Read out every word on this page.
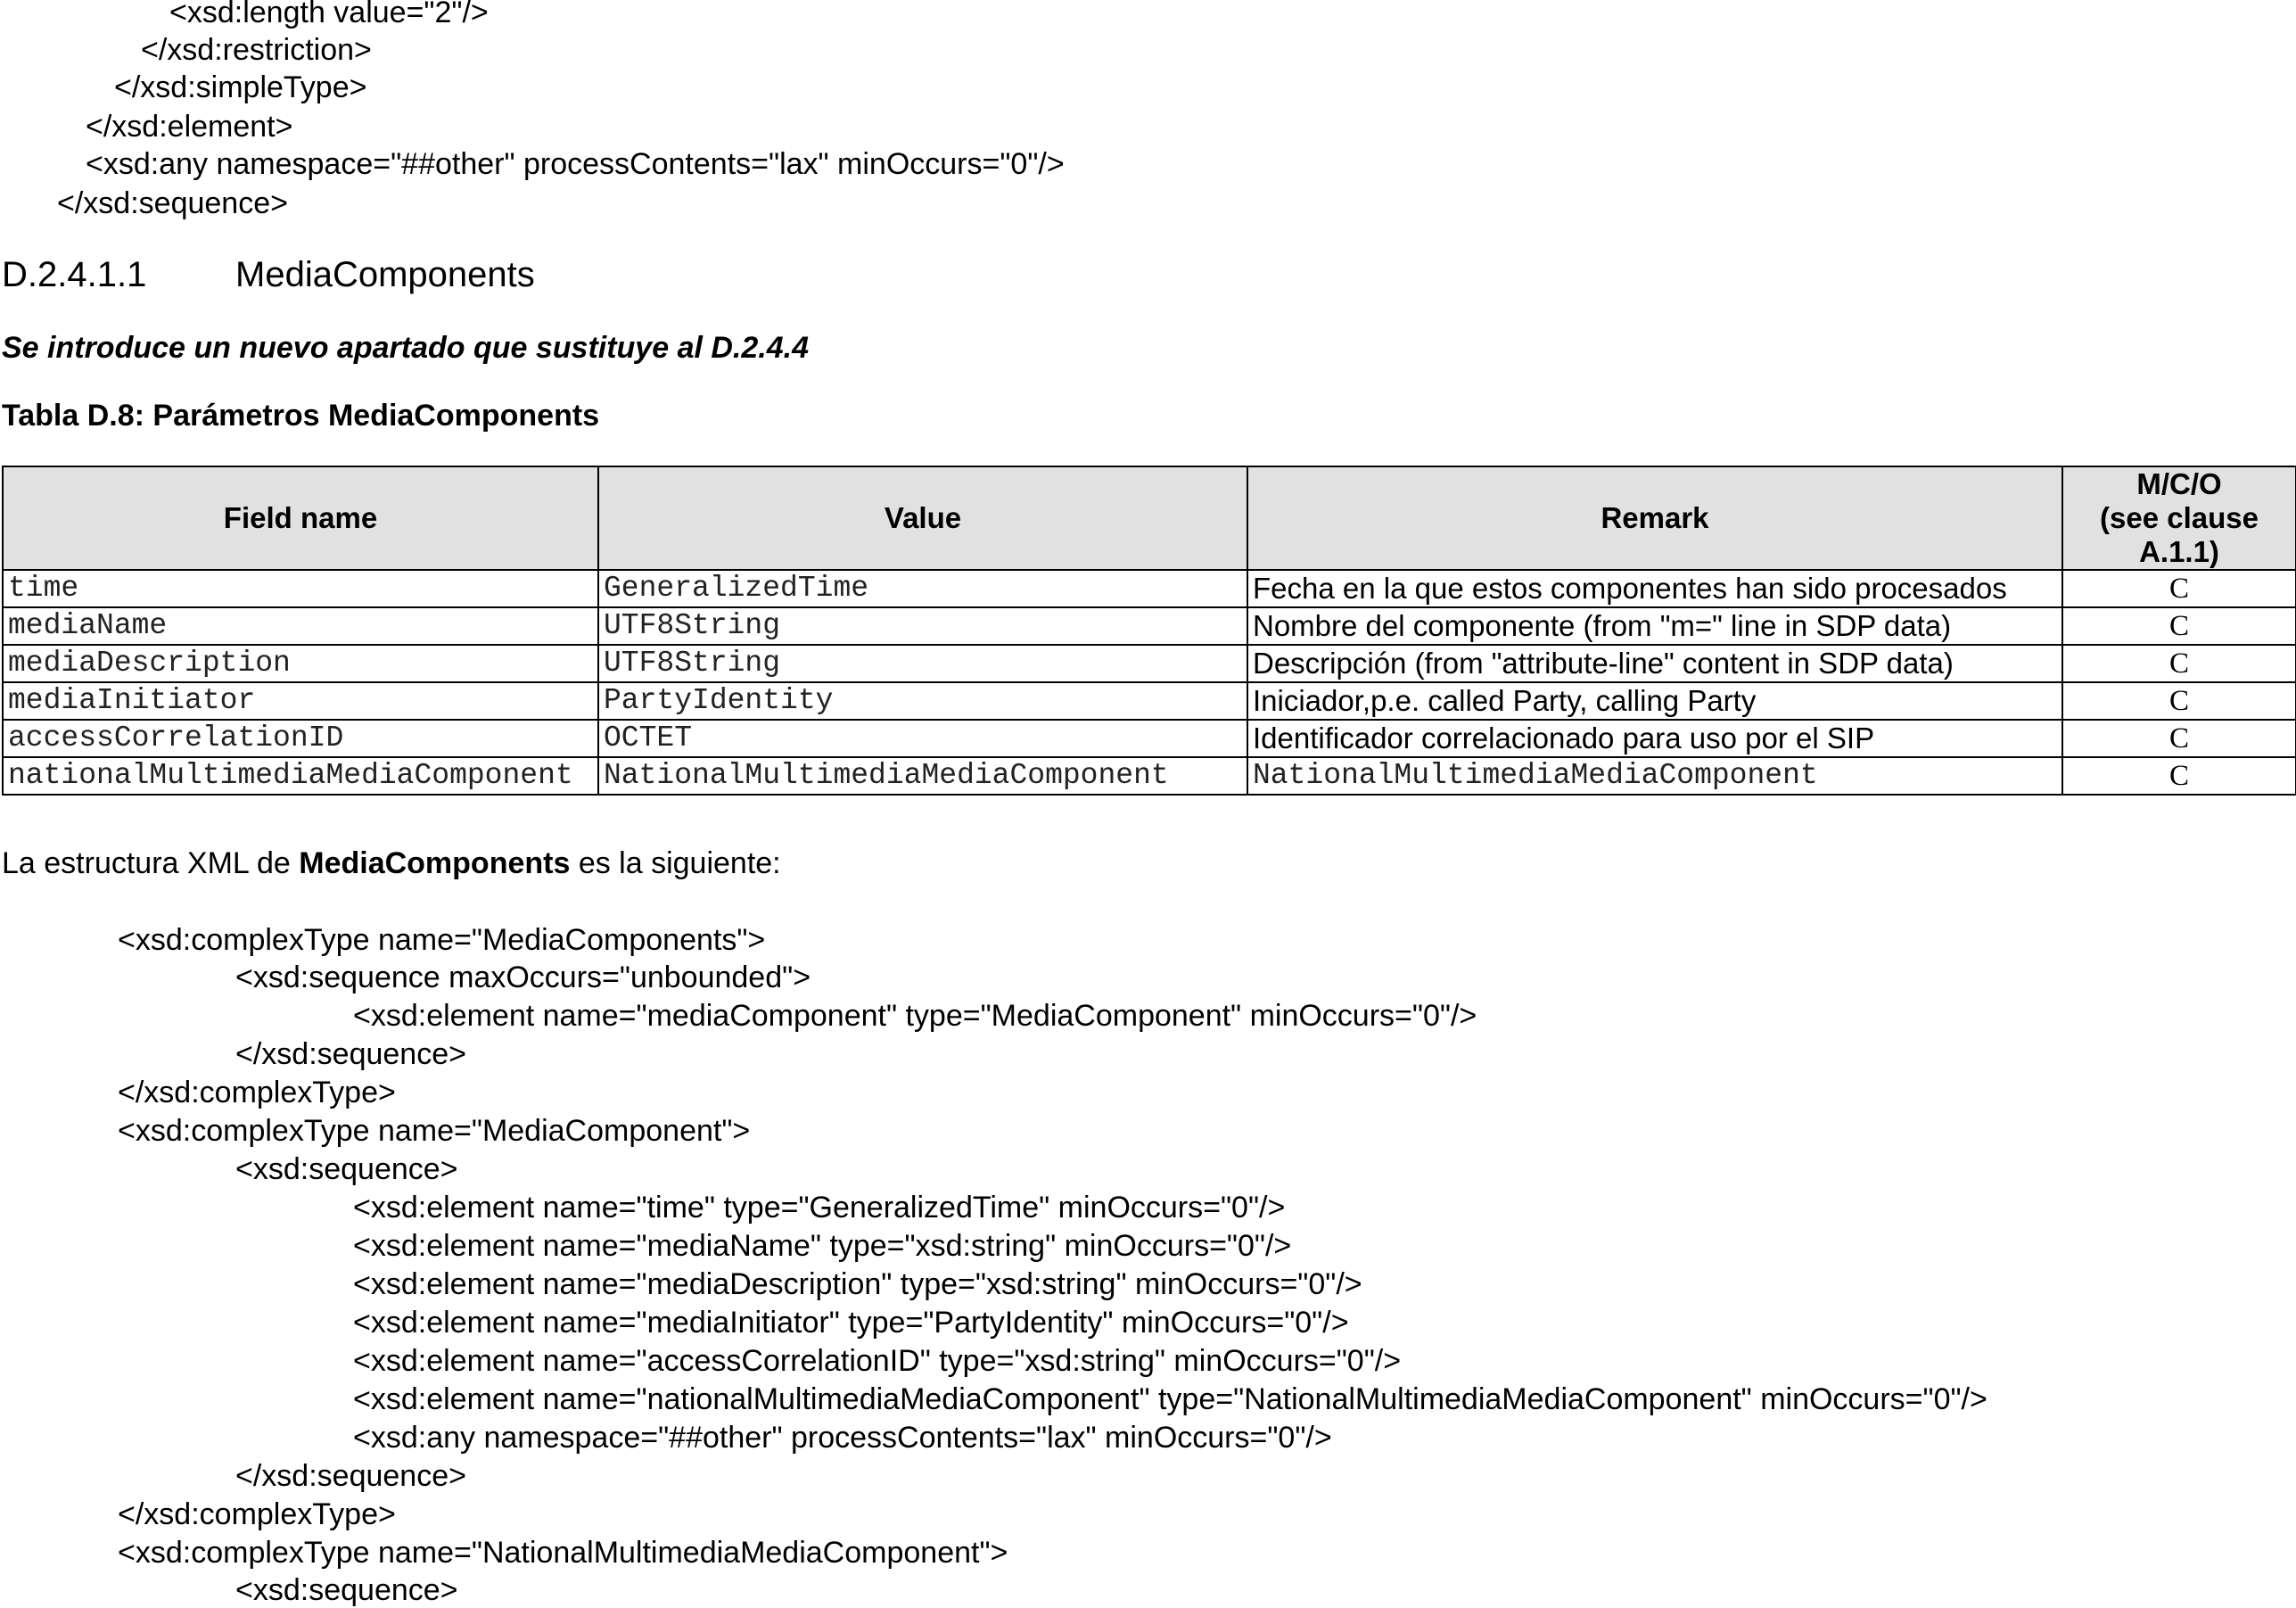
<xsd:length value="2"/>
</xsd:restriction>
</xsd:simpleType>
</xsd:element>
<xsd:any namespace="##other" processContents="lax" minOccurs="0"/>
</xsd:sequence>
D.2.4.1.1 MediaComponents
Se introduce un nuevo apartado que sustituye al D.2.4.4
Tabla D.8: Parámetros MediaComponents
Field name	Value	Remark	M/C/O
(see clause
A.1.1)
time	GeneralizedTime	Fecha en la que estos componentes han sido procesados	C
mediaName	UTF8String	Nombre del componente (from "m=" line in SDP data)	C
mediaDescription	UTF8String	Descripción (from "attribute-line" content in SDP data)	C
mediaInitiator	PartyIdentity	Iniciador,p.e. called Party, calling Party	C
accessCorrelationID	OCTET	Identificador correlacionado para uso por el SIP	C
nationalMultimediaMediaComponent	NationalMultimediaMediaComponent	NationalMultimediaMediaComponent	C
La estructura XML de MediaComponents es la siguiente:
<xsd:complexType name="MediaComponents">
<xsd:sequence maxOccurs="unbounded">
<xsd:element name="mediaComponent" type="MediaComponent" minOccurs="0"/>
</xsd:sequence>
</xsd:complexType>
<xsd:complexType name="MediaComponent">
<xsd:sequence>
<xsd:element name="time" type="GeneralizedTime" minOccurs="0"/>
<xsd:element name="mediaName" type="xsd:string" minOccurs="0"/>
<xsd:element name="mediaDescription" type="xsd:string" minOccurs="0"/>
<xsd:element name="mediaInitiator" type="PartyIdentity" minOccurs="0"/>
<xsd:element name="accessCorrelationID" type="xsd:string" minOccurs="0"/>
<xsd:element name="nationalMultimediaMediaComponent" type="NationalMultimediaMediaComponent" minOccurs="0"/>
<xsd:any namespace="##other" processContents="lax" minOccurs="0"/>
</xsd:sequence>
</xsd:complexType>
<xsd:complexType name="NationalMultimediaMediaComponent">
<xsd:sequence>
